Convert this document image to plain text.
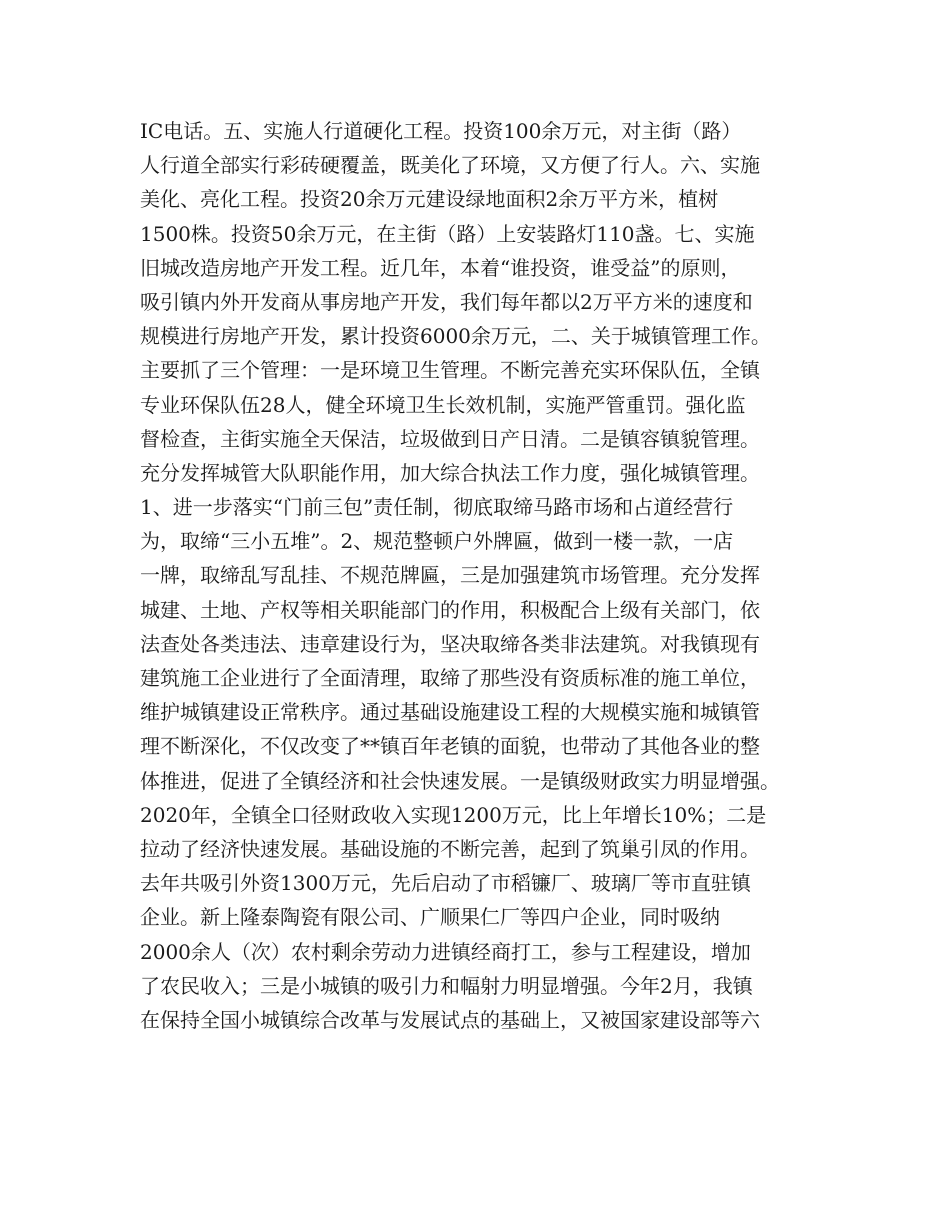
IC电话。五、实施人行道硬化工程。投资100余万元，对主街（路）
人行道全部实行彩砖硬覆盖，既美化了环境，又方便了行人。六、实施
美化、亮化工程。投资20余万元建设绿地面积2余万平方米，植树
1500株。投资50余万元，在主街（路）上安装路灯110盏。七、实施
旧城改造房地产开发工程。近几年，本着“谁投资，谁受益”的原则，
吸引镇内外开发商从事房地产开发，我们每年都以2万平方米的速度和
规模进行房地产开发，累计投资6000余万元，二、关于城镇管理工作。
主要抓了三个管理：一是环境卫生管理。不断完善充实环保队伍，全镇
专业环保队伍28人，健全环境卫生长效机制，实施严管重罚。强化监
督检查，主街实施全天保洁，垃圾做到日产日清。二是镇容镇貌管理。
充分发挥城管大队职能作用，加大综合执法工作力度，强化城镇管理。
1、进一步落实“门前三包”责任制，彻底取缔马路市场和占道经营行
为，取缔“三小五堆”。2、规范整顿户外牌匾，做到一楼一款，一店
一牌，取缔乱写乱挂、不规范牌匾，三是加强建筑市场管理。充分发挥
城建、土地、产权等相关职能部门的作用，积极配合上级有关部门，依
法查处各类违法、违章建设行为，坚决取缔各类非法建筑。对我镇现有
建筑施工企业进行了全面清理，取缔了那些没有资质标准的施工单位，
维护城镇建设正常秩序。通过基础设施建设工程的大规模实施和城镇管
理不断深化，不仅改变了**镇百年老镇的面貌，也带动了其他各业的整
体推进，促进了全镇经济和社会快速发展。一是镇级财政实力明显增强。
2020年，全镇全口径财政收入实现1200万元，比上年增长10%；二是
拉动了经济快速发展。基础设施的不断完善，起到了筑巢引凤的作用。
去年共吸引外资1300万元，先后启动了市稻镰厂、玻璃厂等市直驻镇
企业。新上隆泰陶瓷有限公司、广顺果仁厂等四户企业，同时吸纳
2000余人（次）农村剩余劳动力进镇经商打工，参与工程建设，增加
了农民收入；三是小城镇的吸引力和幅射力明显增强。今年2月，我镇
在保持全国小城镇综合改革与发展试点的基础上，又被国家建设部等六
